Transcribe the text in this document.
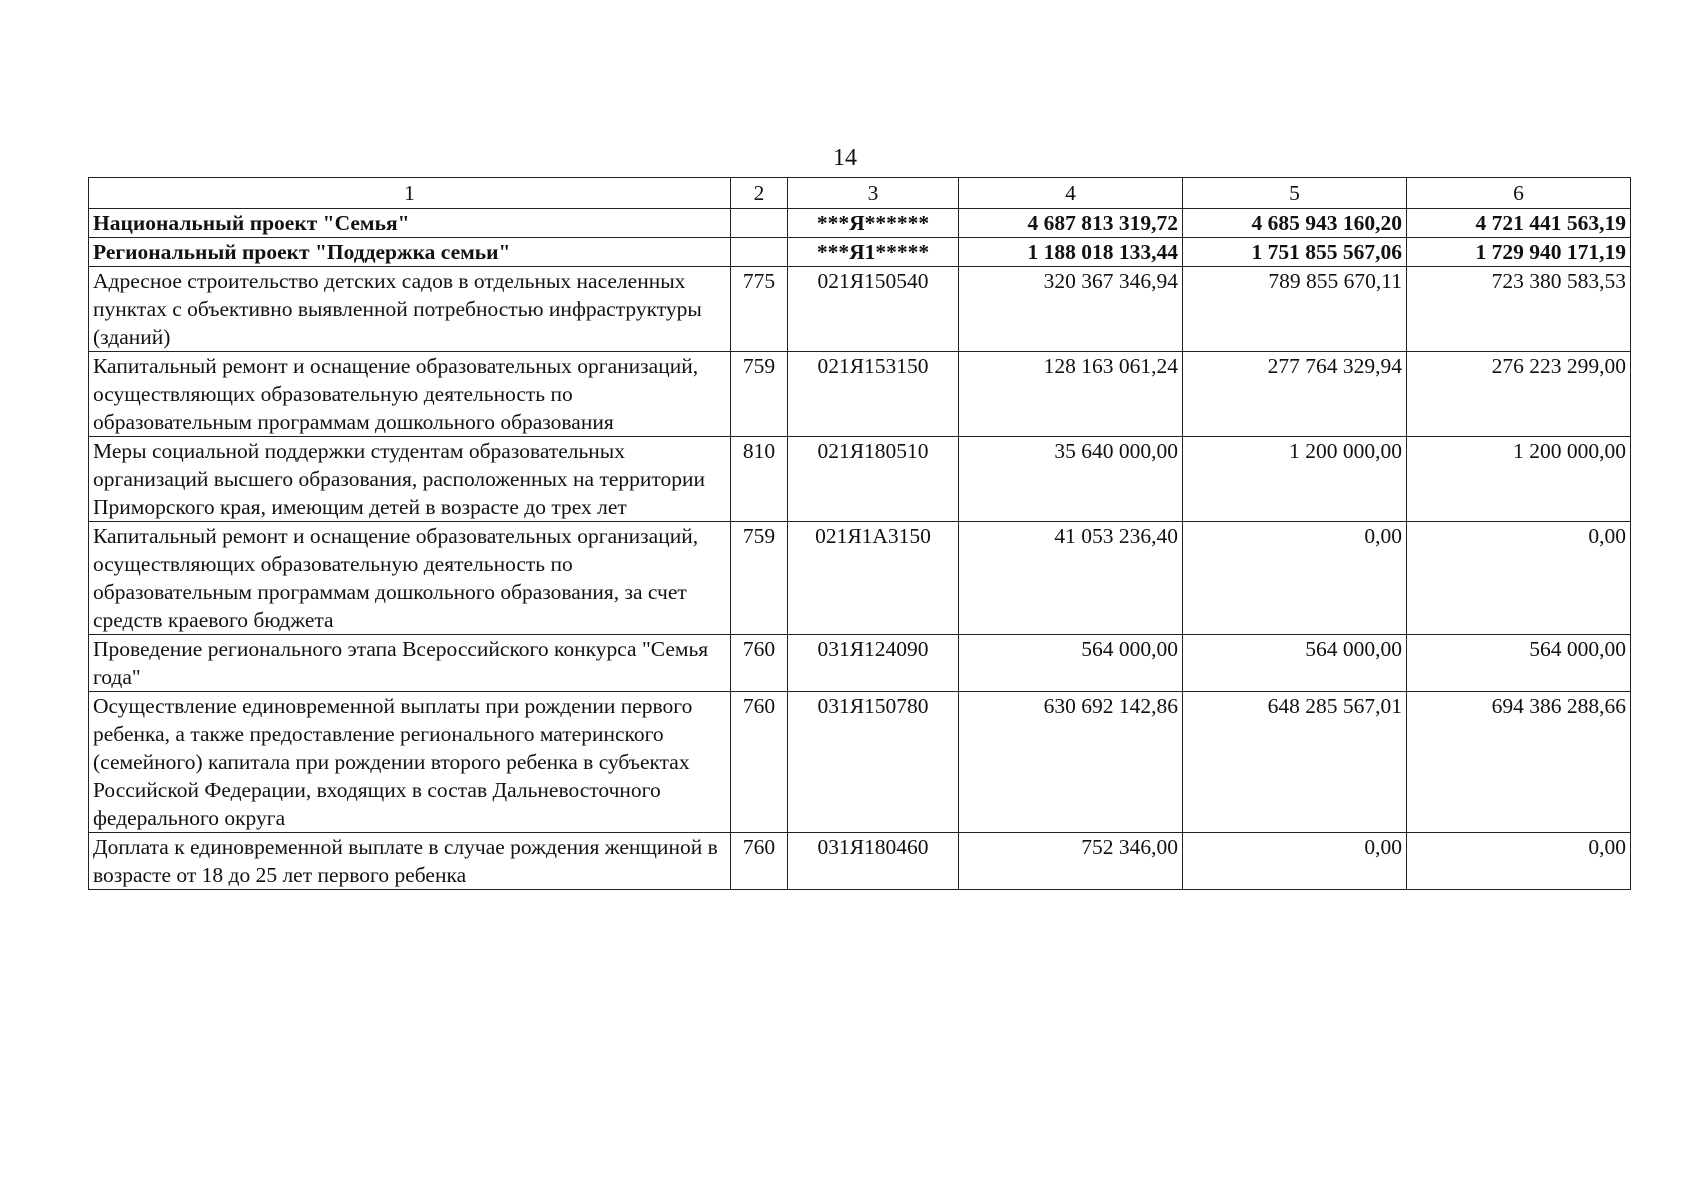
14
1	2	3	4	5	6
Национальный проект "Семья"		***Я******	4 687 813 319,72	4 685 943 160,20	4 721 441 563,19
Региональный проект "Поддержка семьи"		***Я1*****	1 188 018 133,44	1 751 855 567,06	1 729 940 171,19
Адресное строительство детских садов в отдельных населенных пунктах с объективно выявленной потребностью инфраструктуры (зданий)	775	021Я150540	320 367 346,94	789 855 670,11	723 380 583,53
Капитальный ремонт и оснащение образовательных организаций, осуществляющих образовательную деятельность по образовательным программам дошкольного образования	759	021Я153150	128 163 061,24	277 764 329,94	276 223 299,00
Меры социальной поддержки студентам образовательных организаций высшего образования, расположенных на территории Приморского края, имеющим детей в возрасте до трех лет	810	021Я180510	35 640 000,00	1 200 000,00	1 200 000,00
Капитальный ремонт и оснащение образовательных организаций, осуществляющих образовательную деятельность по образовательным программам дошкольного образования, за счет средств краевого бюджета	759	021Я1А3150	41 053 236,40	0,00	0,00
Проведение регионального этапа Всероссийского конкурса "Семья года"	760	031Я124090	564 000,00	564 000,00	564 000,00
Осуществление единовременной выплаты при рождении первого ребенка, а также предоставление регионального материнского (семейного) капитала при рождении второго ребенка в субъектах Российской Федерации, входящих в состав Дальневосточного федерального округа	760	031Я150780	630 692 142,86	648 285 567,01	694 386 288,66
Доплата к единовременной выплате в случае рождения женщиной в возрасте от 18 до 25 лет первого ребенка	760	031Я180460	752 346,00	0,00	0,00
